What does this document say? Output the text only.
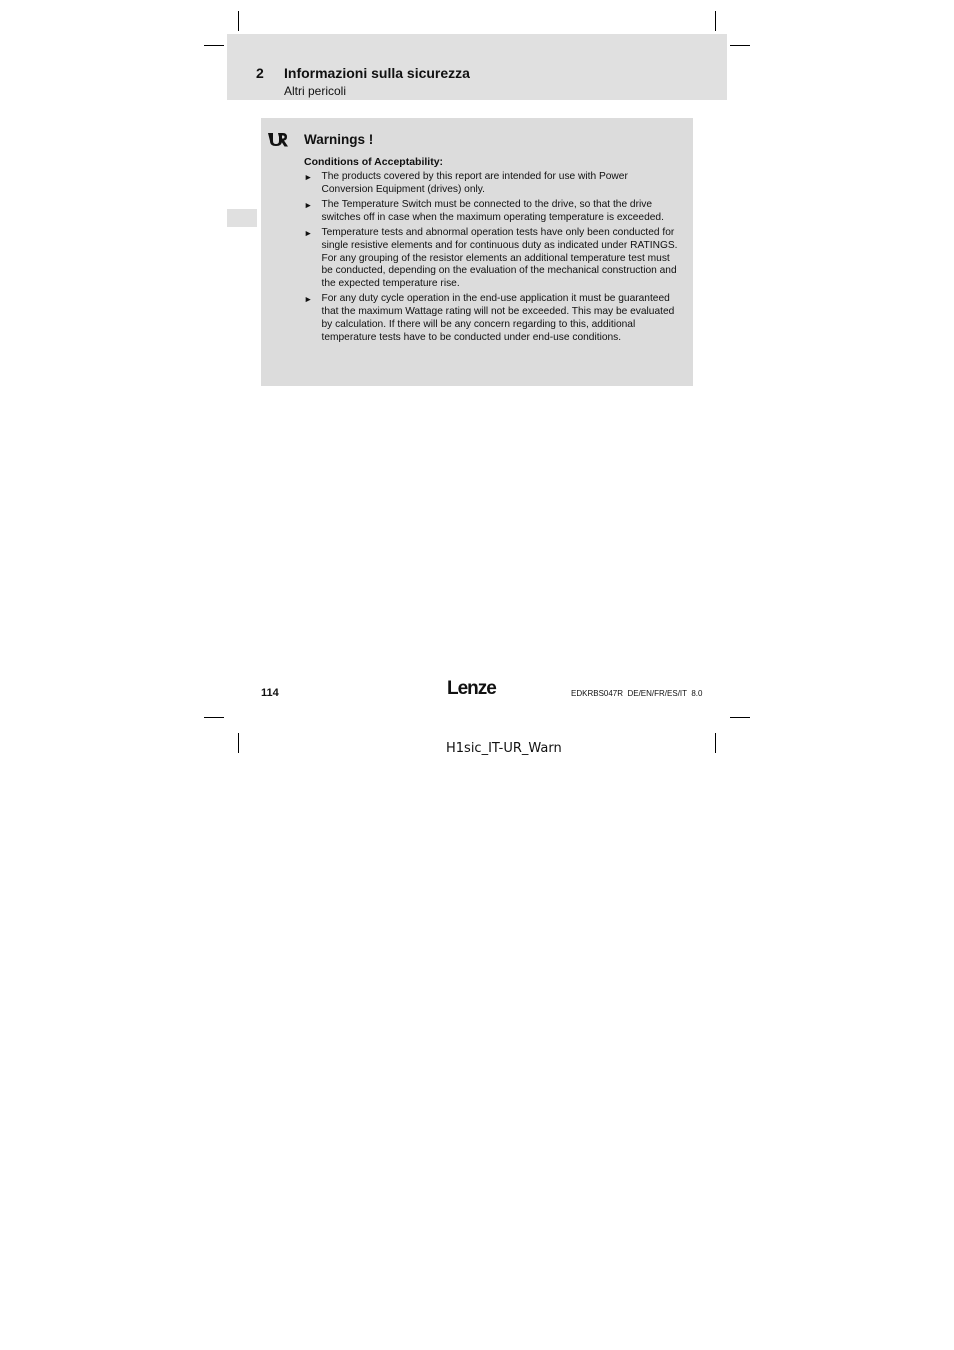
2 Informazioni sulla sicurezza
Altri pericoli
Warnings !
Conditions of Acceptability:
► The products covered by this report are intended for use with Power Conversion Equipment (drives) only.
► The Temperature Switch must be connected to the drive, so that the drive switches off in case when the maximum operating temperature is exceeded.
► Temperature tests and abnormal operation tests have only been conducted for single resistive elements and for continuous duty as indicated under RATINGS. For any grouping of the resistor elements an additional temperature test must be conducted, depending on the evaluation of the mechanical construction and the expected temperature rise.
► For any duty cycle operation in the end-use application it must be guaranteed that the maximum Wattage rating will not be exceeded. This may be evaluated by calculation. If there will be any concern regarding to this, additional temperature tests have to be conducted under end-use conditions.
114	Lenze	EDKRBS047R  DE/EN/FR/ES/IT  8.0
H1sic_IT-UR_Warn
